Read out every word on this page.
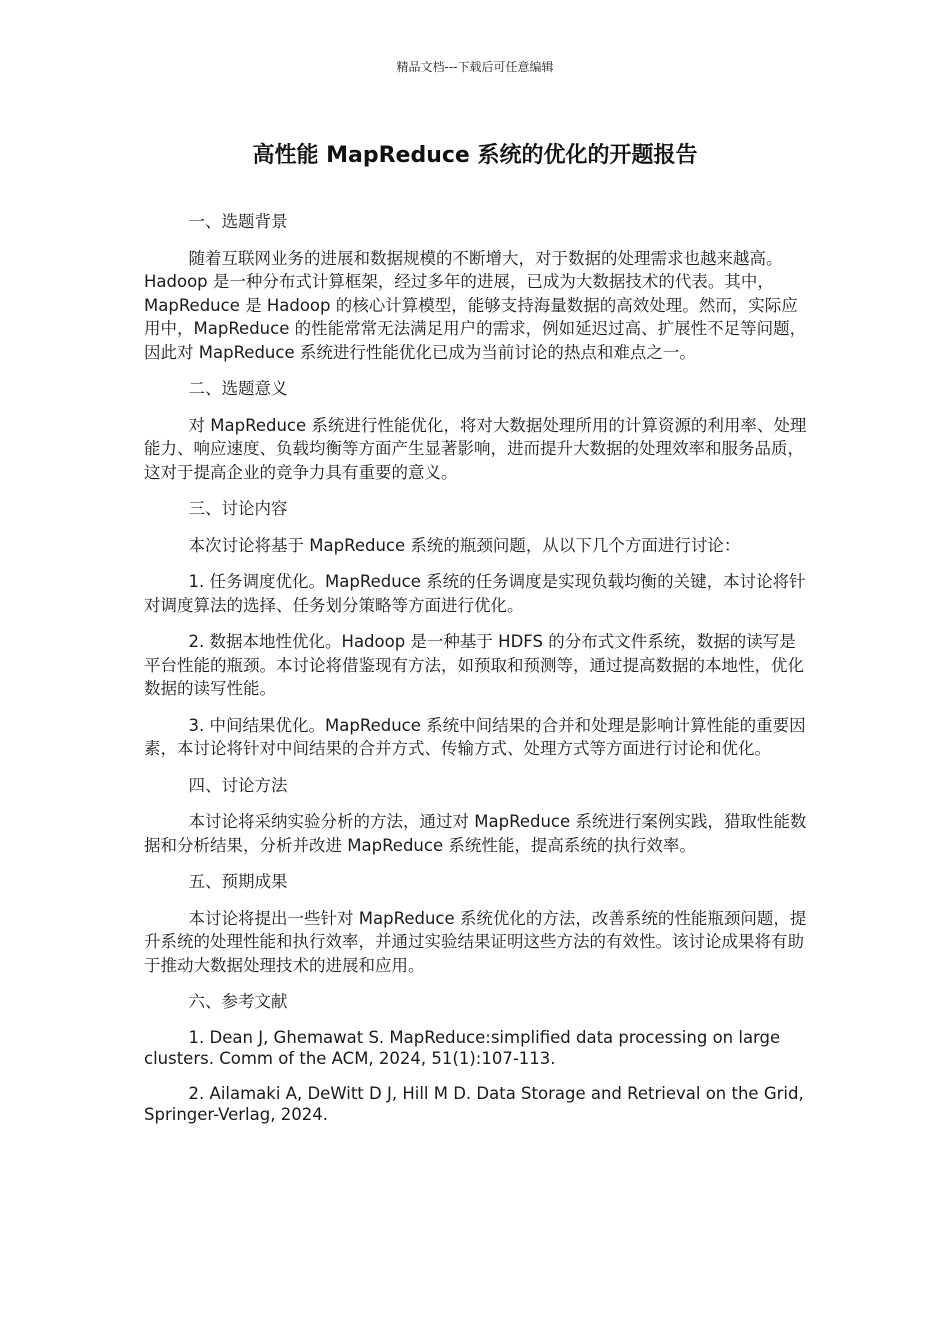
精品文档---下载后可任意编辑
高性能 MapReduce 系统的优化的开题报告

一、选题背景

随着互联网业务的进展和数据规模的不断增大，对于数据的处理需求也越来越高。Hadoop 是一种分布式计算框架，经过多年的进展，已成为大数据技术的代表。其中，MapReduce 是 Hadoop 的核心计算模型，能够支持海量数据的高效处理。然而，实际应用中，MapReduce 的性能常常无法满足用户的需求，例如延迟过高、扩展性不足等问题，因此对 MapReduce 系统进行性能优化已成为当前讨论的热点和难点之一。

二、选题意义

对 MapReduce 系统进行性能优化，将对大数据处理所用的计算资源的利用率、处理能力、响应速度、负载均衡等方面产生显著影响，进而提升大数据的处理效率和服务品质，这对于提高企业的竞争力具有重要的意义。

三、讨论内容

本次讨论将基于 MapReduce 系统的瓶颈问题，从以下几个方面进行讨论：

1. 任务调度优化。MapReduce 系统的任务调度是实现负载均衡的关键，本讨论将针对调度算法的选择、任务划分策略等方面进行优化。

2. 数据本地性优化。Hadoop 是一种基于 HDFS 的分布式文件系统，数据的读写是平台性能的瓶颈。本讨论将借鉴现有方法，如预取和预测等，通过提高数据的本地性，优化数据的读写性能。

3. 中间结果优化。MapReduce 系统中间结果的合并和处理是影响计算性能的重要因素，本讨论将针对中间结果的合并方式、传输方式、处理方式等方面进行讨论和优化。

四、讨论方法

本讨论将采纳实验分析的方法，通过对 MapReduce 系统进行案例实践，猎取性能数据和分析结果，分析并改进 MapReduce 系统性能，提高系统的执行效率。

五、预期成果

本讨论将提出一些针对 MapReduce 系统优化的方法，改善系统的性能瓶颈问题，提升系统的处理性能和执行效率，并通过实验结果证明这些方法的有效性。该讨论成果将有助于推动大数据处理技术的进展和应用。

六、参考文献

1. Dean J, Ghemawat S. MapReduce:simplified data processing on large clusters. Comm of the ACM, 2024, 51(1):107-113.

2. Ailamaki A, DeWitt D J, Hill M D. Data Storage and Retrieval on the Grid, Springer-Verlag, 2024.
